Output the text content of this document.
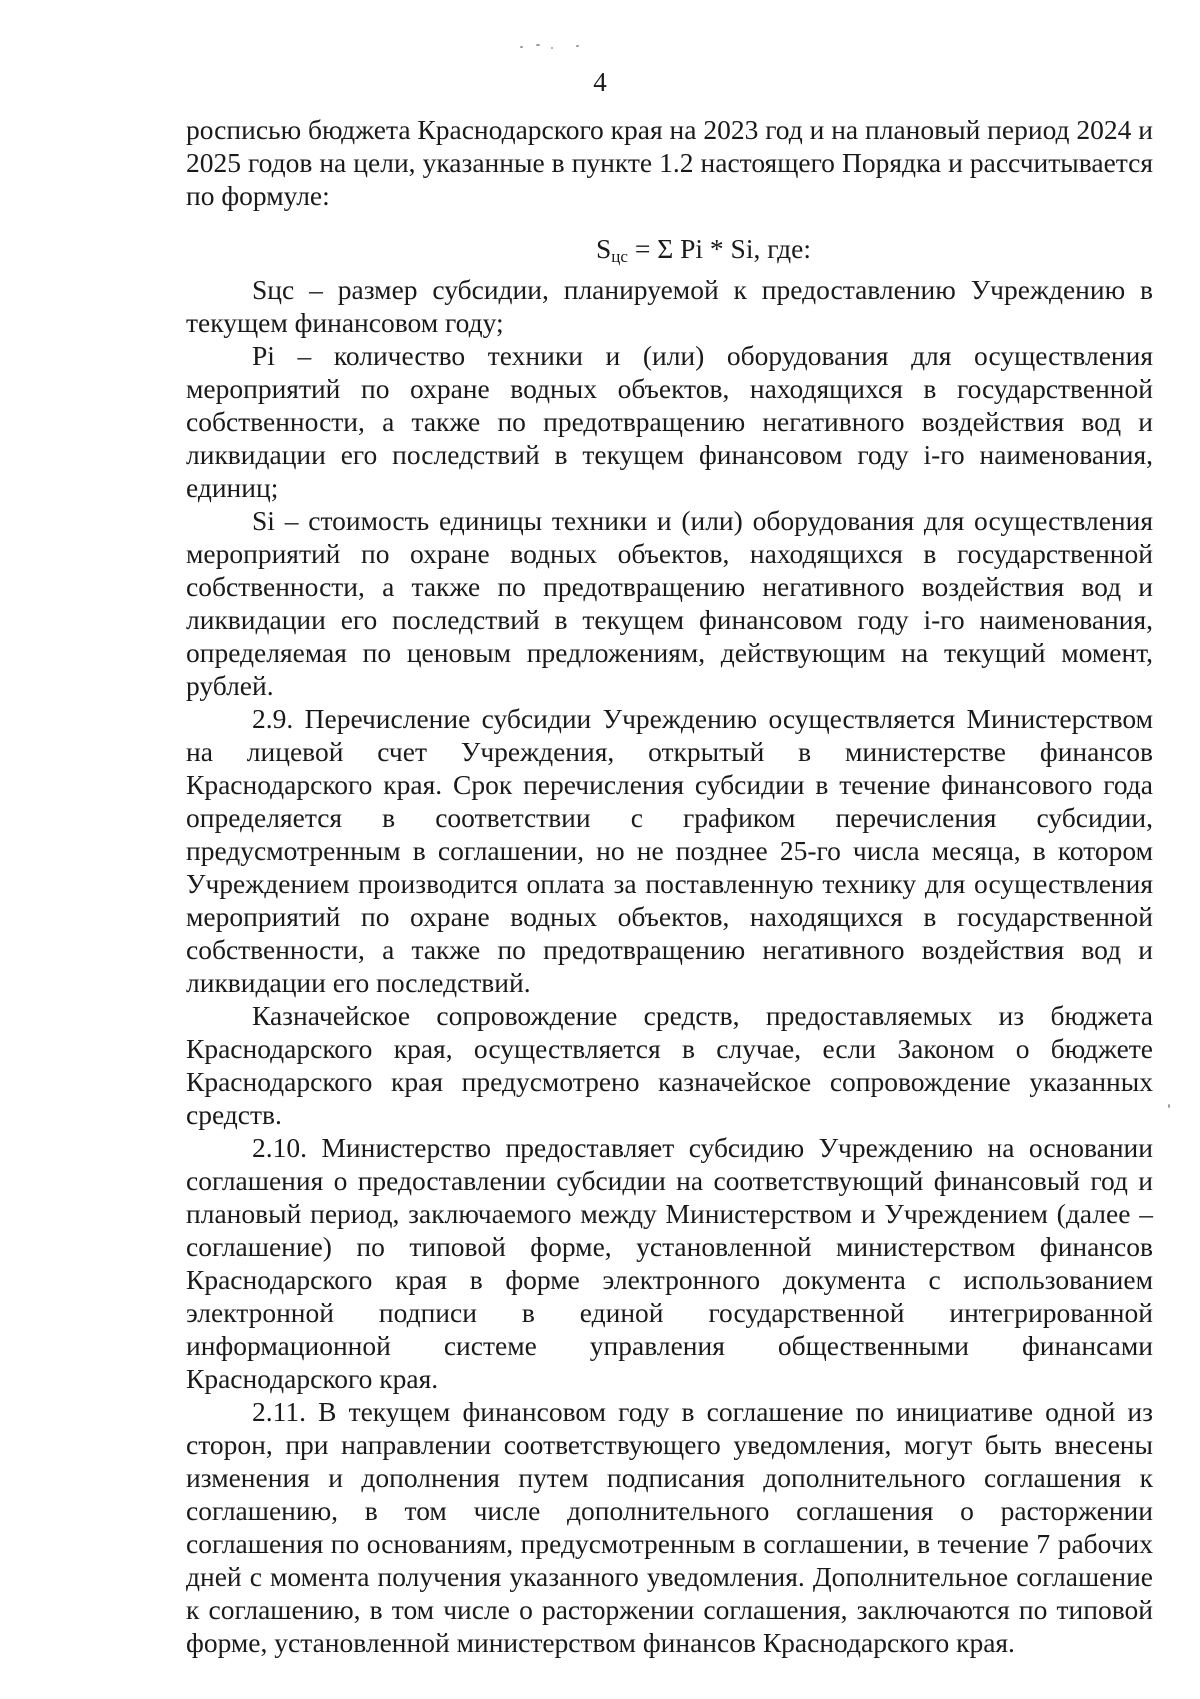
4

росписью бюджета Краснодарского края на 2023 год и на плановый период 2024 и 2025 годов на цели, указанные в пункте 1.2 настоящего Порядка и рассчитывается по формуле:

$S_{цс} = \Sigma$ Pi * Si, где:

Sцс – размер субсидии, планируемой к предоставлению Учреждению в текущем финансовом году;

Pi – количество техники и (или) оборудования для осуществления мероприятий по охране водных объектов, находящихся в государственной собственности, а также по предотвращению негативного воздействия вод и ликвидации его последствий в текущем финансовом году i-го наименования, единиц;

Si – стоимость единицы техники и (или) оборудования для осуществления мероприятий по охране водных объектов, находящихся в государственной собственности, а также по предотвращению негативного воздействия вод и ликвидации его последствий в текущем финансовом году i-го наименования, определяемая по ценовым предложениям, действующим на текущий момент, рублей.

2.9. Перечисление субсидии Учреждению осуществляется Министерством на лицевой счет Учреждения, открытый в министерстве финансов Краснодарского края. Срок перечисления субсидии в течение финансового года определяется в соответствии с графиком перечисления субсидии, предусмотренным в соглашении, но не позднее 25-го числа месяца, в котором Учреждением производится оплата за поставленную технику для осуществления мероприятий по охране водных объектов, находящихся в государственной собственности, а также по предотвращению негативного воздействия вод и ликвидации его последствий.

Казначейское сопровождение средств, предоставляемых из бюджета Краснодарского края, осуществляется в случае, если Законом о бюджете Краснодарского края предусмотрено казначейское сопровождение указанных средств.

2.10. Министерство предоставляет субсидию Учреждению на основании соглашения о предоставлении субсидии на соответствующий финансовый год и плановый период, заключаемого между Министерством и Учреждением (далее – соглашение) по типовой форме, установленной министерством финансов Краснодарского края в форме электронного документа с использованием электронной подписи в единой государственной интегрированной информационной системе управления общественными финансами Краснодарского края.

2.11. В текущем финансовом году в соглашение по инициативе одной из сторон, при направлении соответствующего уведомления, могут быть внесены изменения и дополнения путем подписания дополнительного соглашения к соглашению, в том числе дополнительного соглашения о расторжении соглашения по основаниям, предусмотренным в соглашении, в течение 7 рабочих дней с момента получения указанного уведомления. Дополнительное соглашение к соглашению, в том числе о расторжении соглашения, заключаются по типовой форме, установленной министерством финансов Краснодарского края.
